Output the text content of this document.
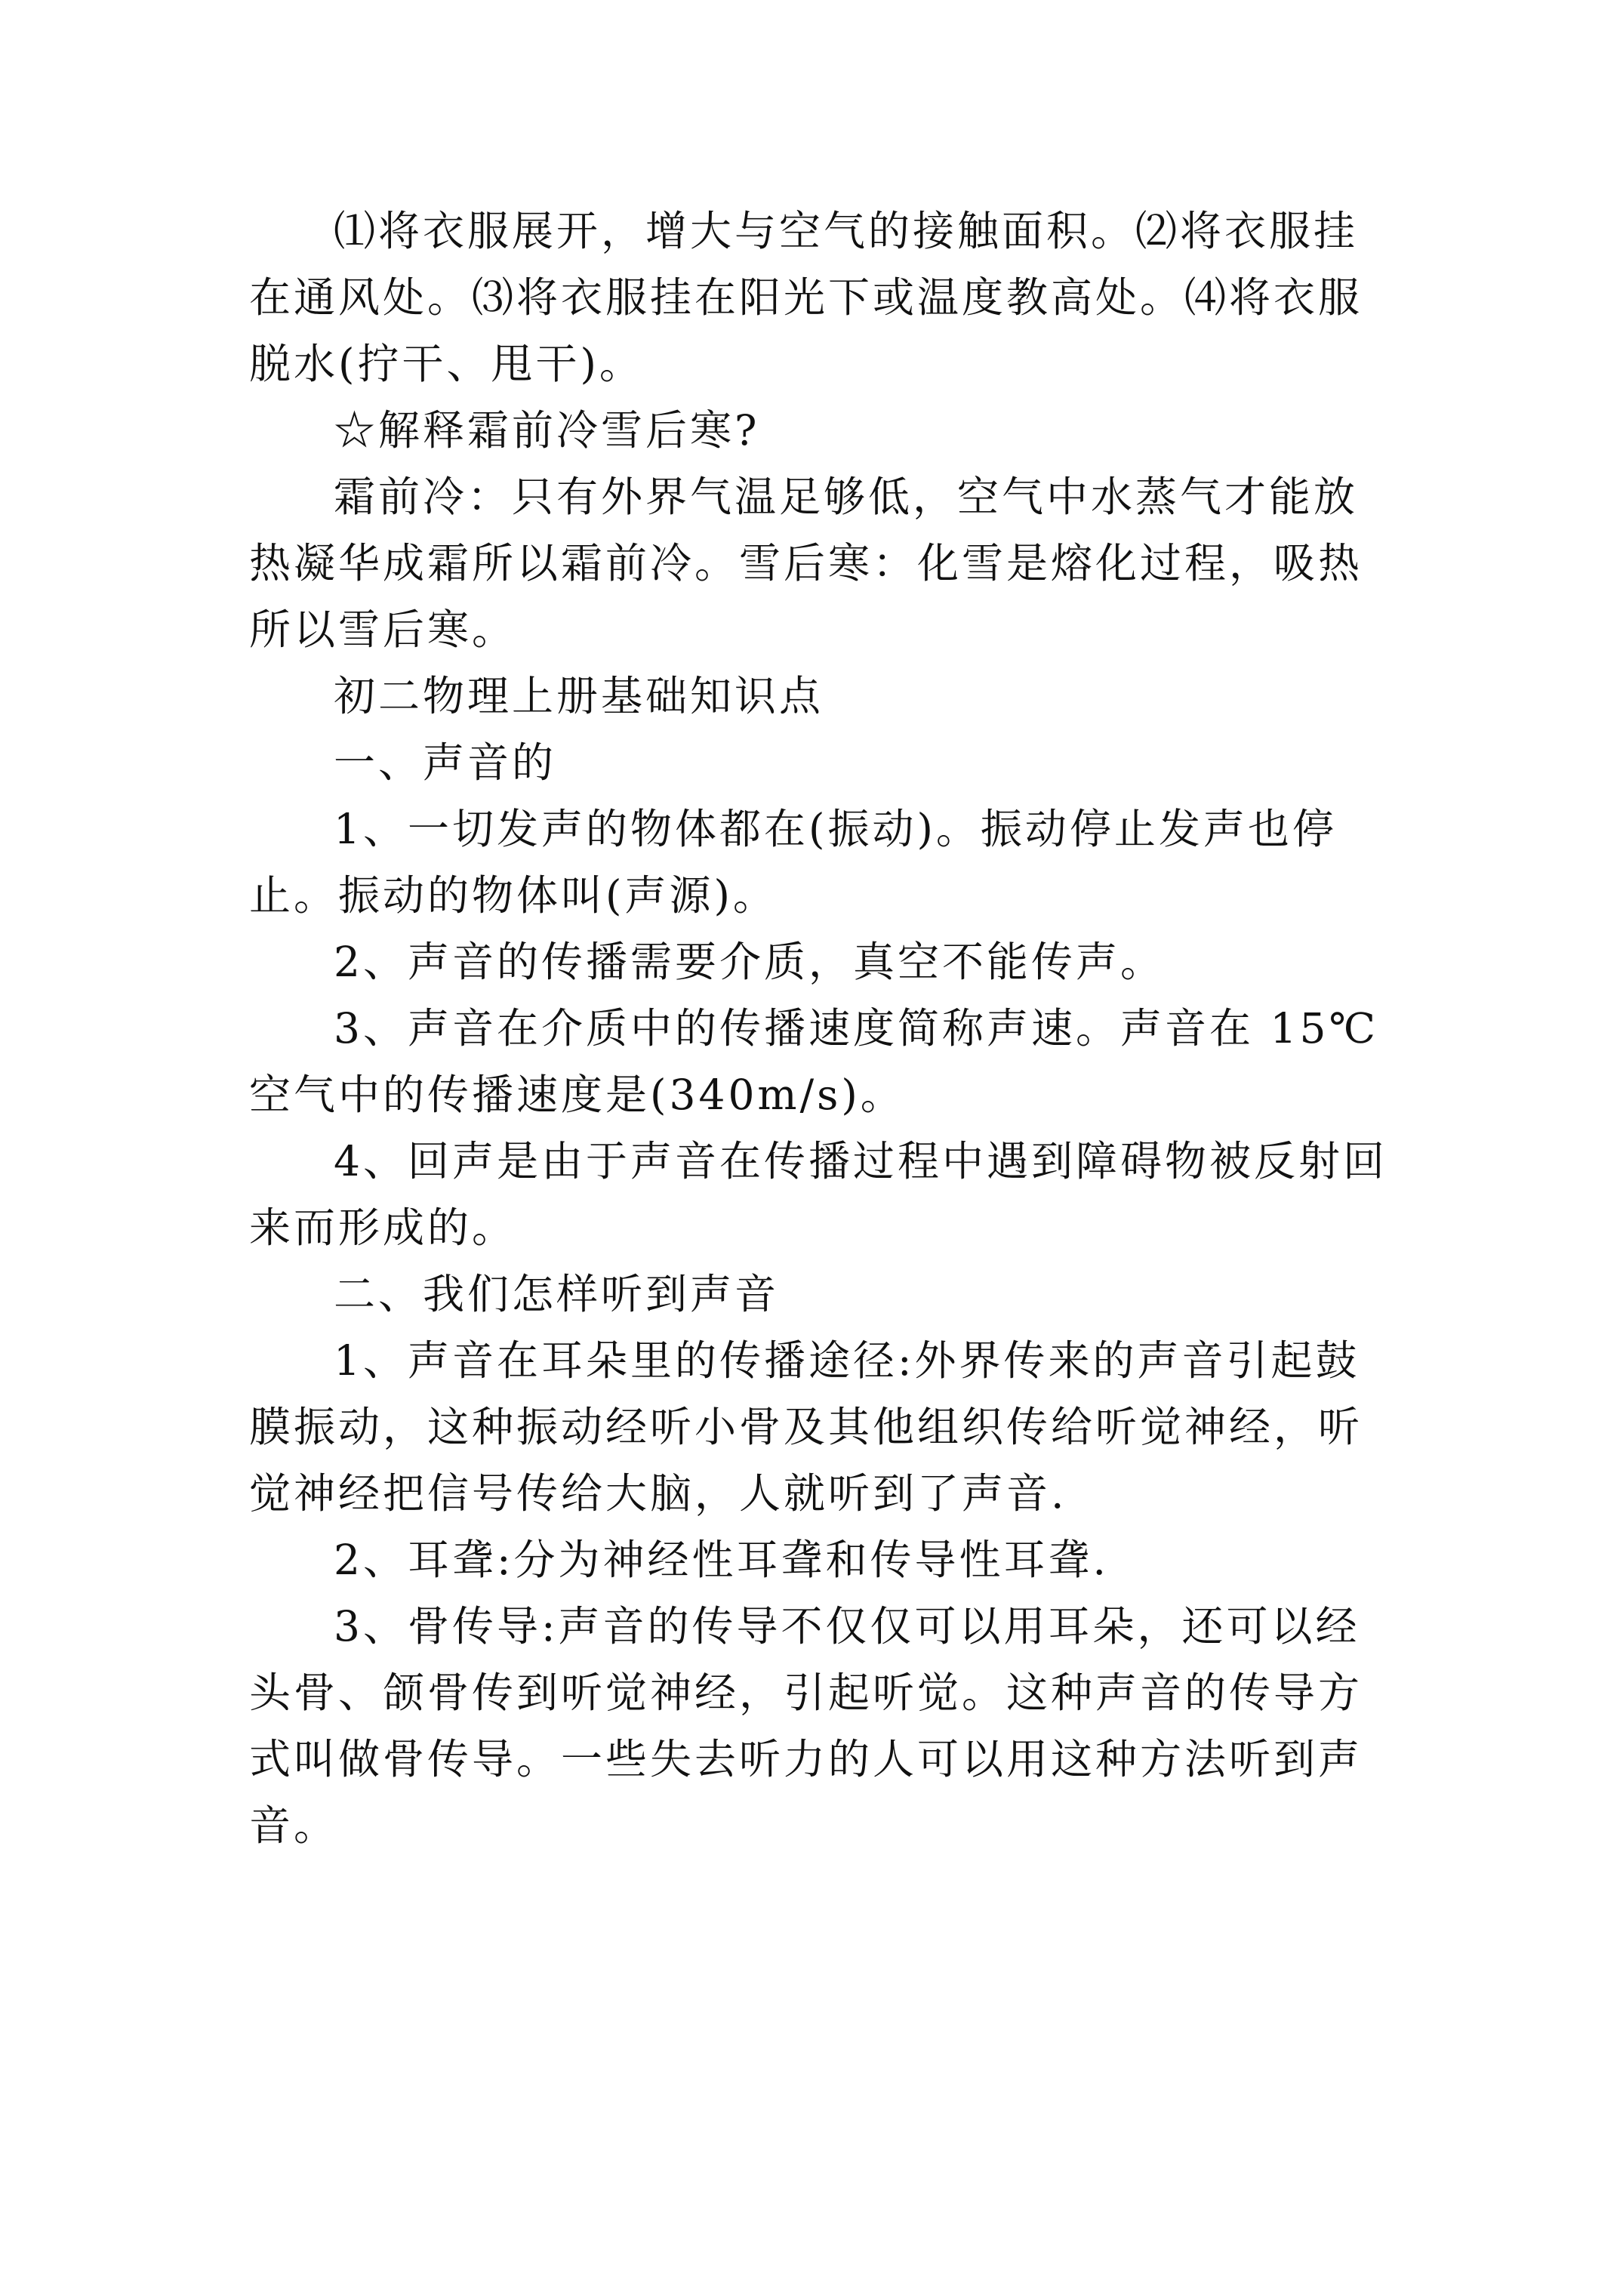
⑴将衣服展开，增大与空气的接触面积。⑵将衣服挂在通风处。⑶将衣服挂在阳光下或温度教高处。⑷将衣服脱水(拧干、甩干)。

☆解释霜前冷雪后寒?

霜前冷：只有外界气温足够低，空气中水蒸气才能放热凝华成霜所以霜前冷。雪后寒：化雪是熔化过程，吸热所以雪后寒。

初二物理上册基础知识点

一、声音的

1、一切发声的物体都在(振动)。振动停止发声也停止。振动的物体叫(声源)。

2、声音的传播需要介质，真空不能传声。

3、声音在介质中的传播速度简称声速。声音在 15℃空气中的传播速度是(340m/s)。

4、回声是由于声音在传播过程中遇到障碍物被反射回来而形成的。

二、我们怎样听到声音

1、声音在耳朵里的传播途径:外界传来的声音引起鼓膜振动，这种振动经听小骨及其他组织传给听觉神经，听觉神经把信号传给大脑，人就听到了声音.

2、耳聋:分为神经性耳聋和传导性耳聋.

3、骨传导:声音的传导不仅仅可以用耳朵，还可以经头骨、颌骨传到听觉神经，引起听觉。这种声音的传导方式叫做骨传导。一些失去听力的人可以用这种方法听到声音。
